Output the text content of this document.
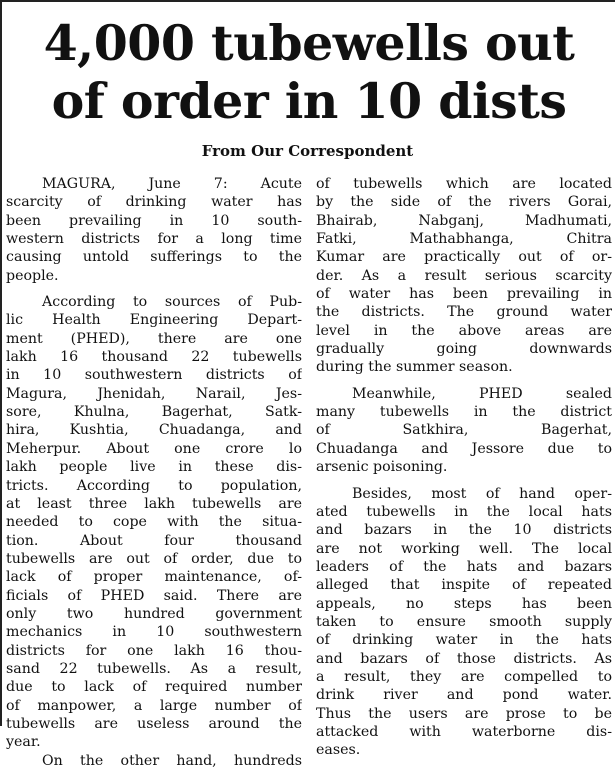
4,000 tubewells out
of order in 10 dists
From Our Correspondent
MAGURA, June 7: Acute
scarcity of drinking water has
been prevailing in 10 south-
western districts for a long time
causing untold sufferings to the
people.
According to sources of Pub-
lic Health Engineering Depart-
ment (PHED), there are one
lakh 16 thousand 22 tubewells
in 10 southwestern districts of
Magura, Jhenidah, Narail, Jes-
sore, Khulna, Bagerhat, Satk-
hira, Kushtia, Chuadanga, and
Meherpur. About one crore lo
lakh people live in these dis-
tricts. According to population,
at least three lakh tubewells are
needed to cope with the situa-
tion. About four thousand
tubewells are out of order, due to
lack of proper maintenance, of-
ficials of PHED said. There are
only two hundred government
mechanics in 10 southwestern
districts for one lakh 16 thou-
sand 22 tubewells. As a result,
due to lack of required number
of manpower, a large number of
tubewells are useless around the
year.
On the other hand, hundreds
of tubewells which are located
by the side of the rivers Gorai,
Bhairab, Nabganj, Madhumati,
Fatki, Mathabhanga, Chitra
Kumar are practically out of or-
der. As a result serious scarcity
of water has been prevailing in
the districts. The ground water
level in the above areas are
gradually going downwards
during the summer season.
Meanwhile, PHED sealed
many tubewells in the district
of Satkhira, Bagerhat,
Chuadanga and Jessore due to
arsenic poisoning.
Besides, most of hand oper-
ated tubewells in the local hats
and bazars in the 10 districts
are not working well. The local
leaders of the hats and bazars
alleged that inspite of repeated
appeals, no steps has been
taken to ensure smooth supply
of drinking water in the hats
and bazars of those districts. As
a result, they are compelled to
drink river and pond water.
Thus the users are prose to be
attacked with waterborne dis-
eases.
